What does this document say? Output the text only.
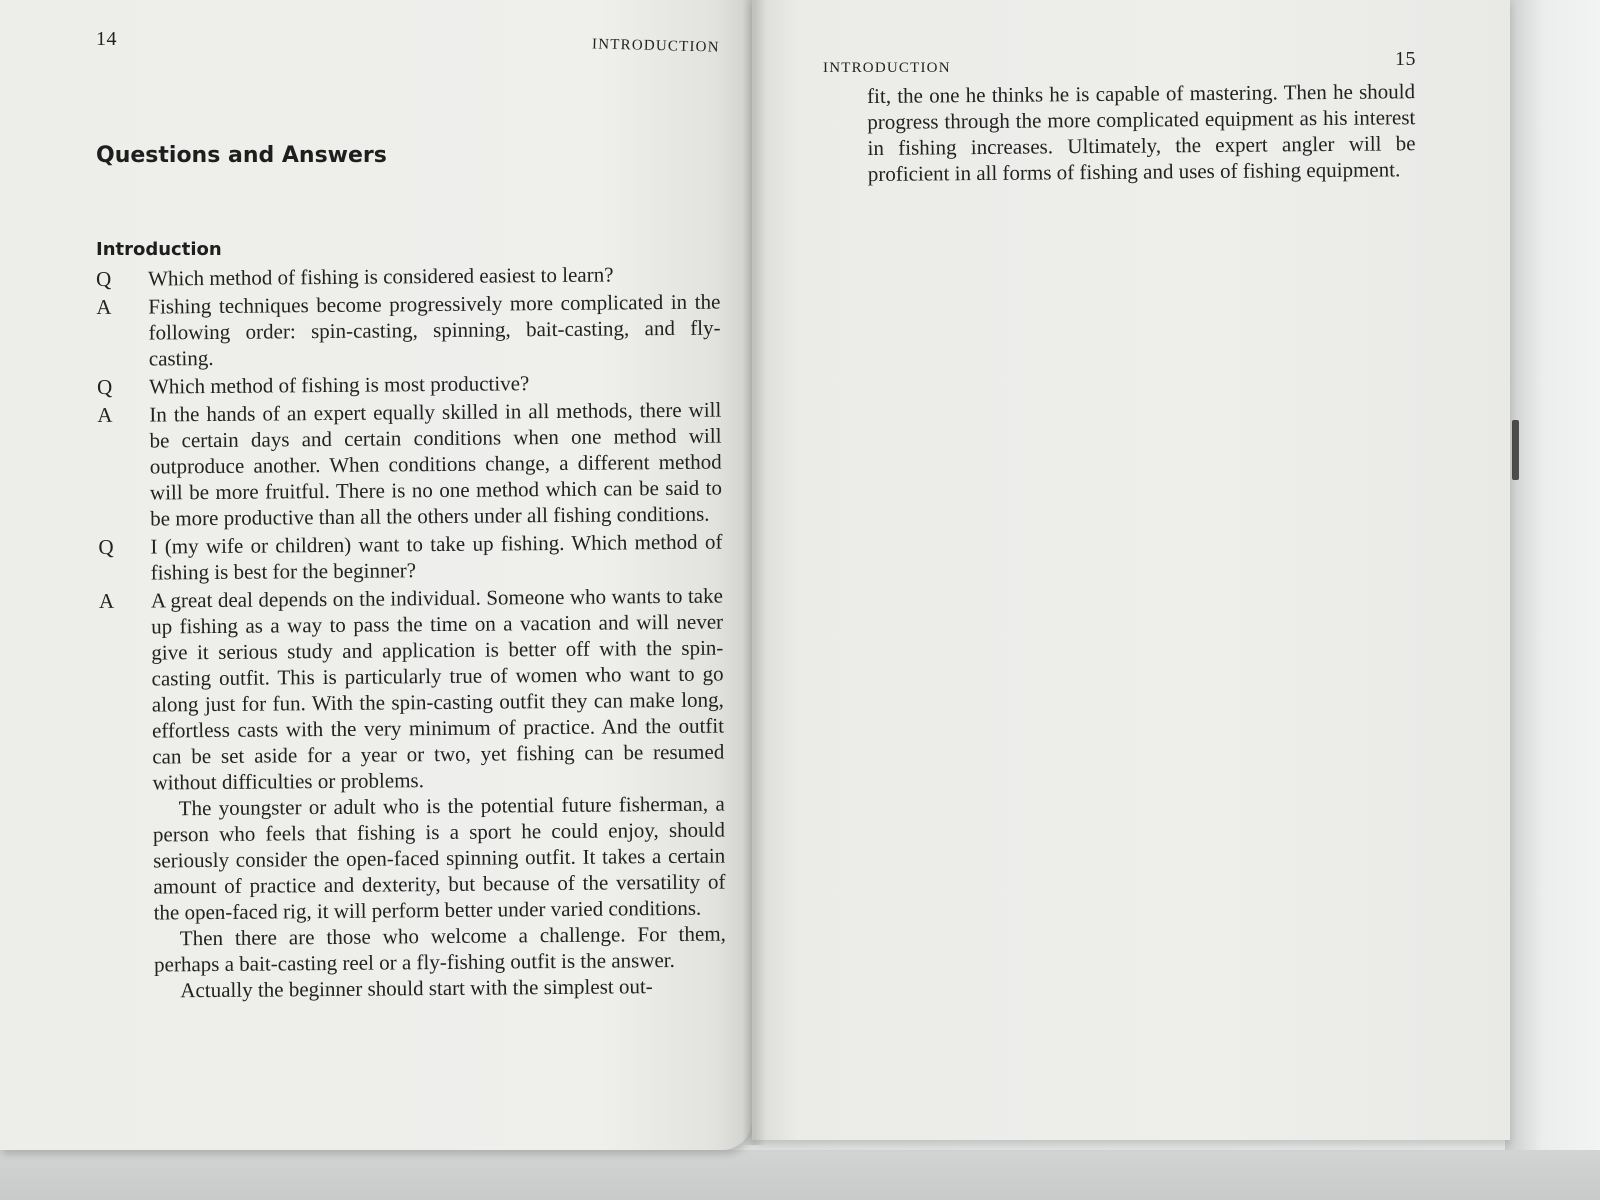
14	INTRODUCTION
Questions and Answers
Introduction
Q	Which method of fishing is considered easiest to learn?

A	Fishing techniques become progressively more complicated in the following order: spin-casting, spinning, bait-casting, and fly-casting.

Q	Which method of fishing is most productive?

A	In the hands of an expert equally skilled in all methods, there will be certain days and certain conditions when one method will outproduce another. When conditions change, a different method will be more fruitful. There is no one method which can be said to be more productive than all the others under all fishing conditions.

Q	I (my wife or children) want to take up fishing. Which method of fishing is best for the beginner?

A	A great deal depends on the individual. Someone who wants to take up fishing as a way to pass the time on a vacation and will never give it serious study and application is better off with the spin-casting outfit. This is particularly true of women who want to go along just for fun. With the spin-casting outfit they can make long, effortless casts with the very minimum of practice. And the outfit can be set aside for a year or two, yet fishing can be resumed without difficulties or problems.

The youngster or adult who is the potential future fisherman, a person who feels that fishing is a sport he could enjoy, should seriously consider the open-faced spinning outfit. It takes a certain amount of practice and dexterity, but because of the versatility of the open-faced rig, it will perform better under varied conditions.

Then there are those who welcome a challenge. For them, perhaps a bait-casting reel or a fly-fishing outfit is the answer.

Actually the beginner should start with the simplest out-

INTRODUCTION	15

fit, the one he thinks he is capable of mastering. Then he should progress through the more complicated equipment as his interest in fishing increases. Ultimately, the expert angler will be proficient in all forms of fishing and uses of fishing equipment.
